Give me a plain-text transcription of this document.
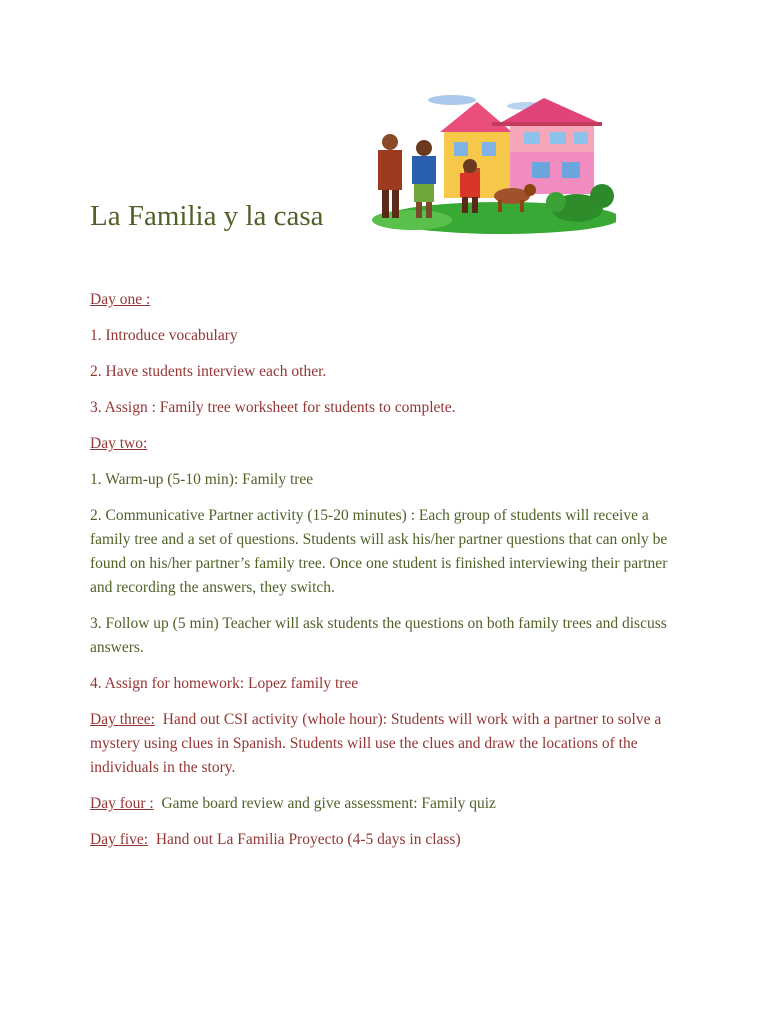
La Familia y la casa

Day one :

1. Introduce vocabulary

2. Have students interview each other.

3. Assign : Family tree worksheet for students to complete.

Day two:

1. Warm-up (5-10 min): Family tree

2. Communicative Partner activity (15-20 minutes) : Each group of students will receive a family tree and a set of questions. Students will ask his/her partner questions that can only be found on his/her partner’s family tree. Once one student is finished interviewing their partner and recording the answers, they switch.

3. Follow up (5 min) Teacher will ask students the questions on both family trees and discuss answers.

4. Assign for homework: Lopez family tree

Day three: Hand out CSI activity (whole hour): Students will work with a partner to solve a mystery using clues in Spanish. Students will use the clues and draw the locations of the individuals in the story.

Day four : Game board review and give assessment: Family quiz

Day five: Hand out La Familia Proyecto (4-5 days in class)
